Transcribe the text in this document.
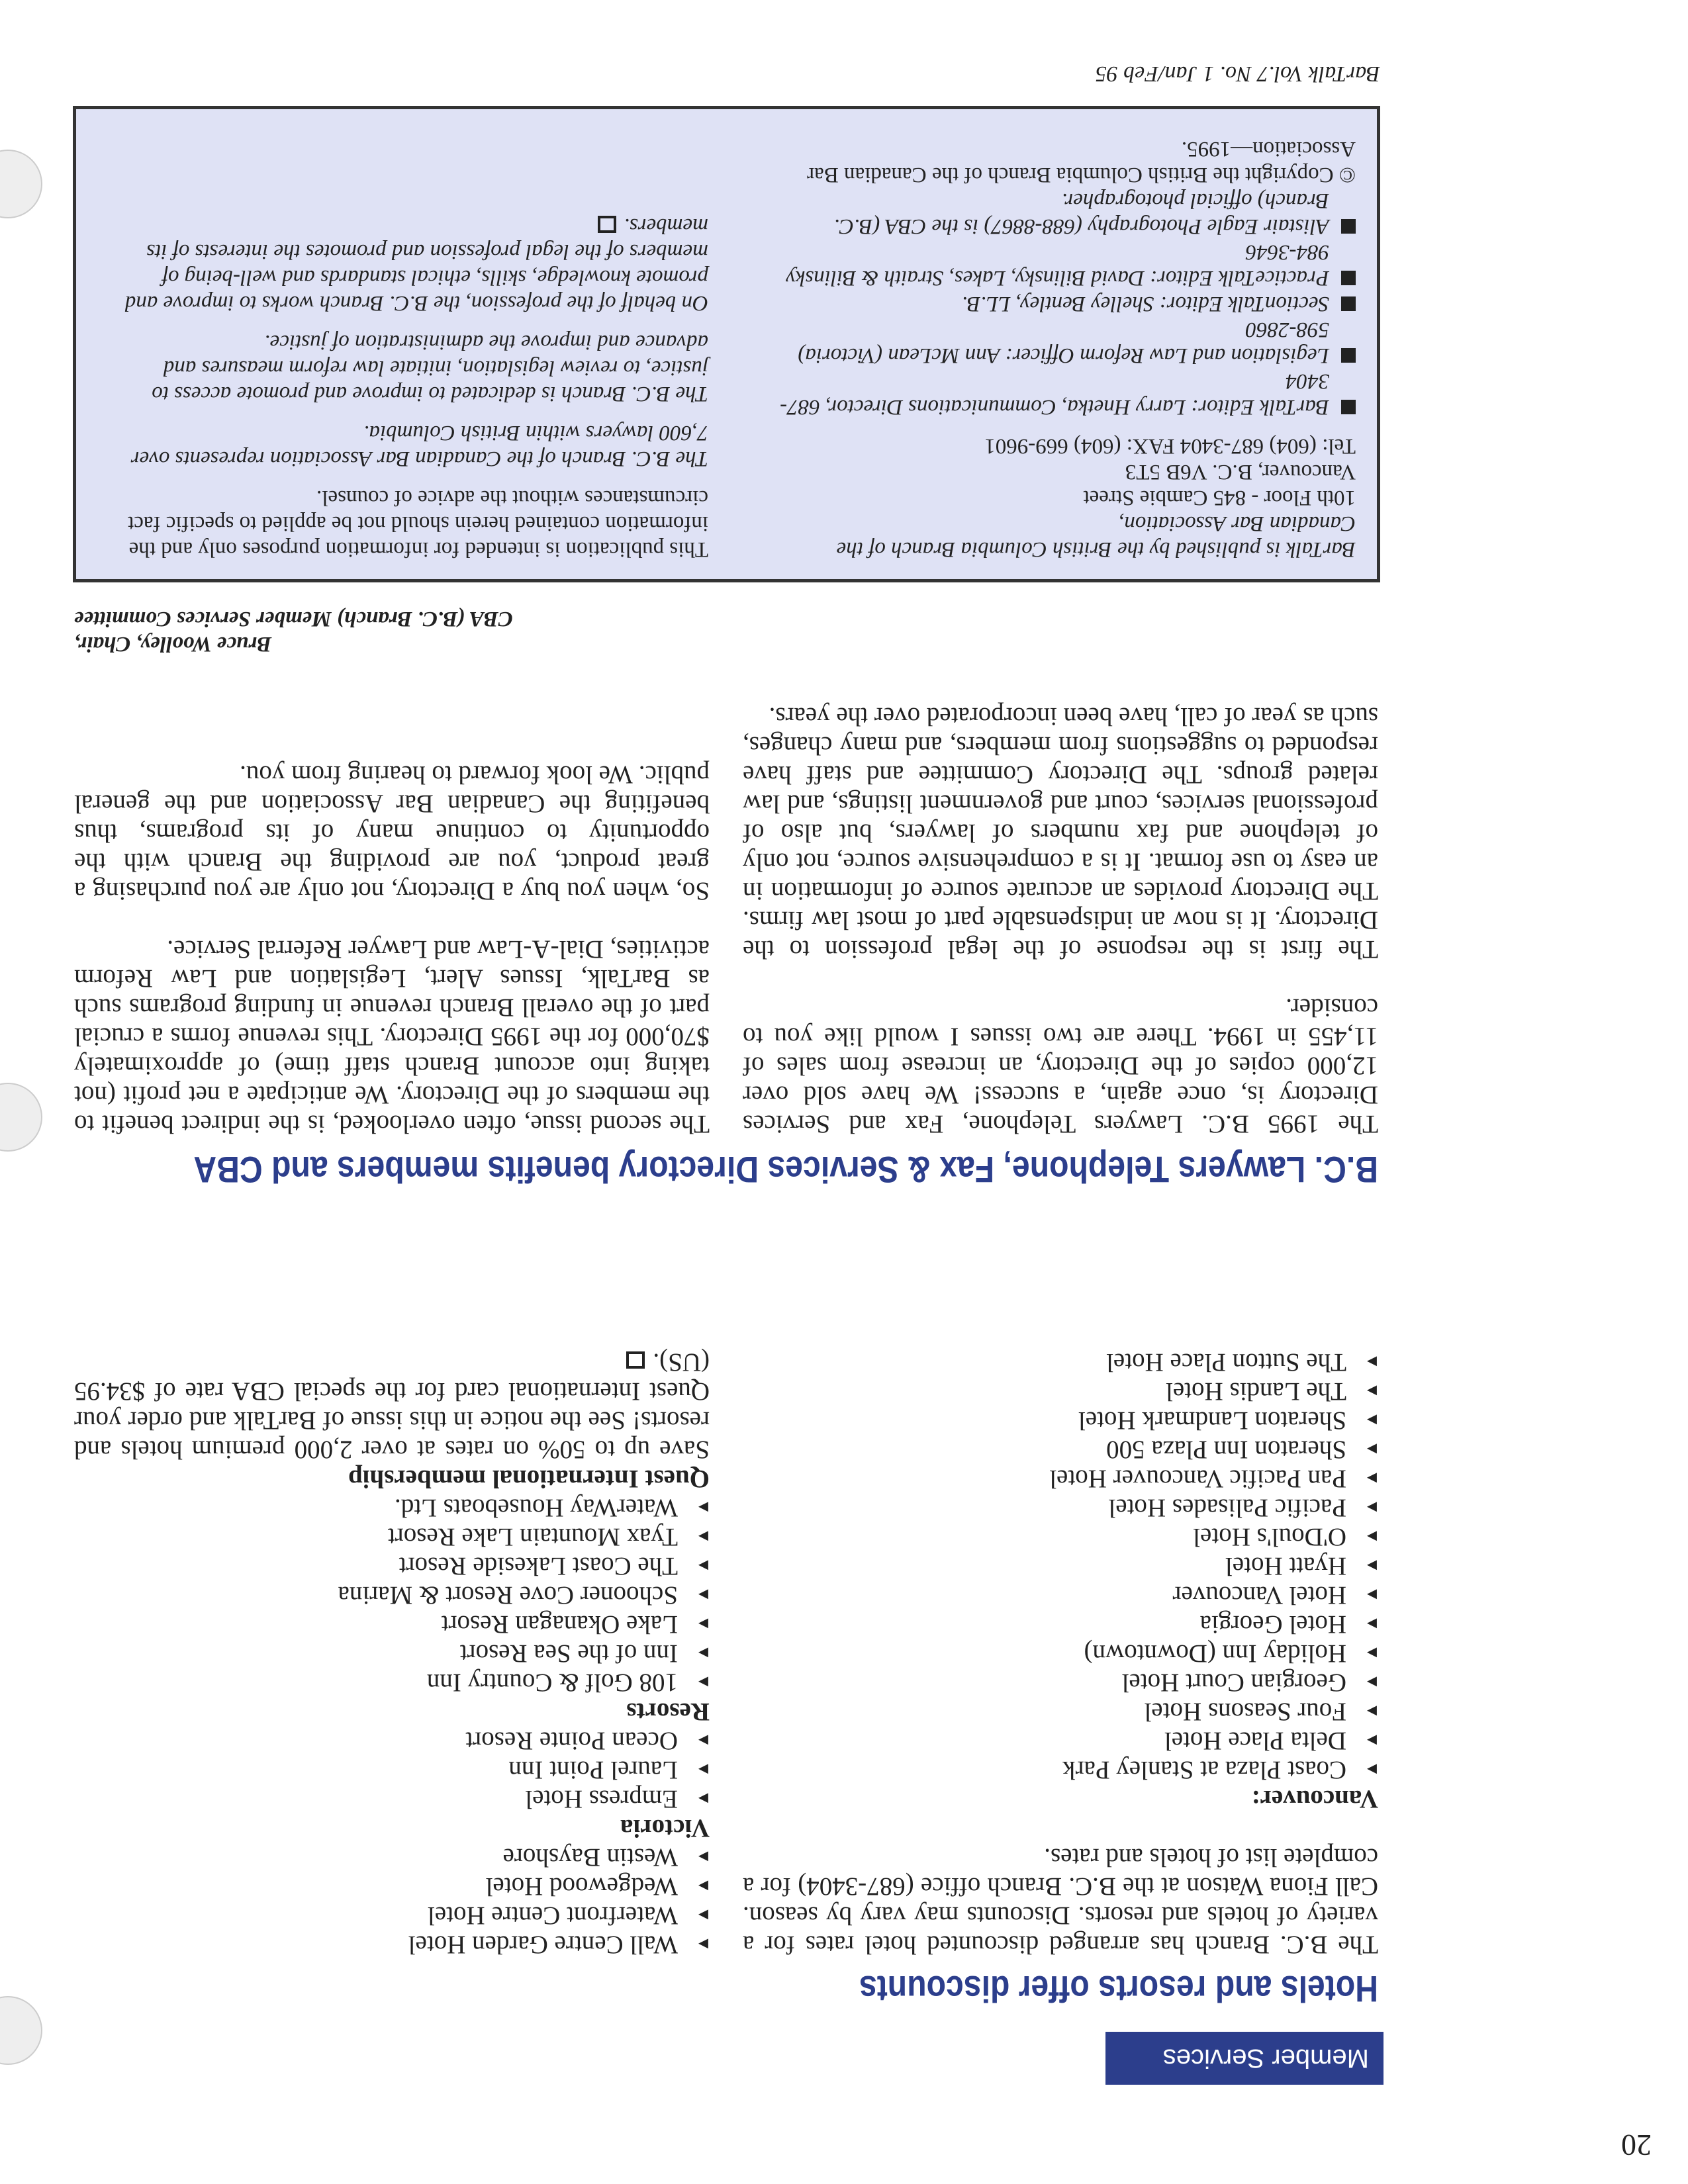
20
Member Services
Hotels and resorts offer discounts

The B.C. Branch has arranged discounted hotel rates for a variety of hotels and resorts. Discounts may vary by season. Call Fiona Watson at the B.C. Branch office (687-3404) for a complete list of hotels and rates.

Vancouver:
▸
Coast Plaza at Stanley Park
▸
Delta Place Hotel
▸
Four Seasons Hotel
▸
Georgian Court Hotel
▸
Holiday Inn (Downtown)
▸
Hotel Georgia
▸
Hotel Vancouver
▸
Hyatt Hotel
▸
O'Doul's Hotel
▸
Pacific Palisades Hotel
▸
Pan Pacific Vancouver Hotel
▸
Sheraton Inn Plaza 500
▸
Sheraton Landmark Hotel
▸
The Landis Hotel
▸
The Sutton Place Hotel
▸
Wall Centre Garden Hotel
▸
Waterfront Centre Hotel
▸
Wedgewood Hotel
▸
Westin Bayshore
Victoria
▸
Empress Hotel
▸
Laurel Point Inn
▸
Ocean Pointe Resort
Resorts
▸
108 Golf & Country Inn
▸
Inn of the Sea Resort
▸
Lake Okanagan Resort
▸
Schooner Cove Resort & Marina
▸
The Coast Lakeside Resort
▸
Tyax Mountain Lake Resort
▸
WaterWay Houseboats Ltd.
Quest International membership

Save up to 50% on rates at over 2,000 premium hotels and resorts! See the notice in this issue of BarTalk and order your Quest International card for the special CBA rate of $34.95 (US).

B.C. Lawyers Telephone, Fax & Services Directory benefits members and CBA

The 1995 B.C. Lawyers Telephone, Fax and Services Directory is, once again, a success! We have sold over 12,000 copies of the Directory, an increase from sales of 11,455 in 1994. There are two issues I would like you to consider.

The first is the response of the legal profession to the Directory. It is now an indispensable part of most law firms. The Directory provides an accurate source of information in an easy to use format. It is a comprehensive source, not only of telephone and fax numbers of lawyers, but also of professional services, court and government listings, and law related groups. The Directory Committee and staff have responded to suggestions from members, and many changes, such as year of call, have been incorporated over the years.

The second issue, often overlooked, is the indirect benefit to the members of the Directory. We anticipate a net profit (not taking into account Branch staff time) of approximately $70,000 for the 1995 Directory. This revenue forms a crucial part of the overall Branch revenue in funding programs such as BarTalk, Issues Alert, Legislation and Law Reform activities, Dial-A-Law and Lawyer Referral Service.

So, when you buy a Directory, not only are you purchasing a great product, you are providing the Branch with the opportunity to continue many of its programs, thus benefiting the Canadian Bar Association and the general public. We look forward to hearing from you.

Bruce Woolley, Chair,
CBA (B.C. Branch) Member Services Committee

BarTalk is published by the British Columbia Branch of the Canadian Bar Association,
10th Floor - 845 Cambie Street
Vancouver, B.C. V6B 5T3
Tel: (604) 687-3404 FAX: (604) 669-9601

BarTalk Editor: Larry Hnetka, Communications Director, 687-3404
Legislation and Law Reform Officer: Ann McLean (Victoria) 598-2860
SectionTalk Editor: Shelley Bentley, LL.B.
PracticeTalk Editor: David Bilinsky, Lakes, Straith & Bilinsky 984-3646
Alistair Eagle Photography (688-8867) is the CBA (B.C. Branch) official photographer.

© Copyright the British Columbia Branch of the Canadian Bar Association—1995.

This publication is intended for information purposes only and the information contained herein should not be applied to specific fact circumstances without the advice of counsel.

The B.C. Branch of the Canadian Bar Association represents over 7,600 lawyers within British Columbia.

The B.C. Branch is dedicated to improve and promote access to justice, to review legislation, initiate law reform measures and advance and improve the administration of justice.

On behalf of the profession, the B.C. Branch works to improve and promote knowledge, skills, ethical standards and well-being of members of the legal profession and promotes the interests of its members.

BarTalk Vol.7 No. 1 Jan/Feb 95
